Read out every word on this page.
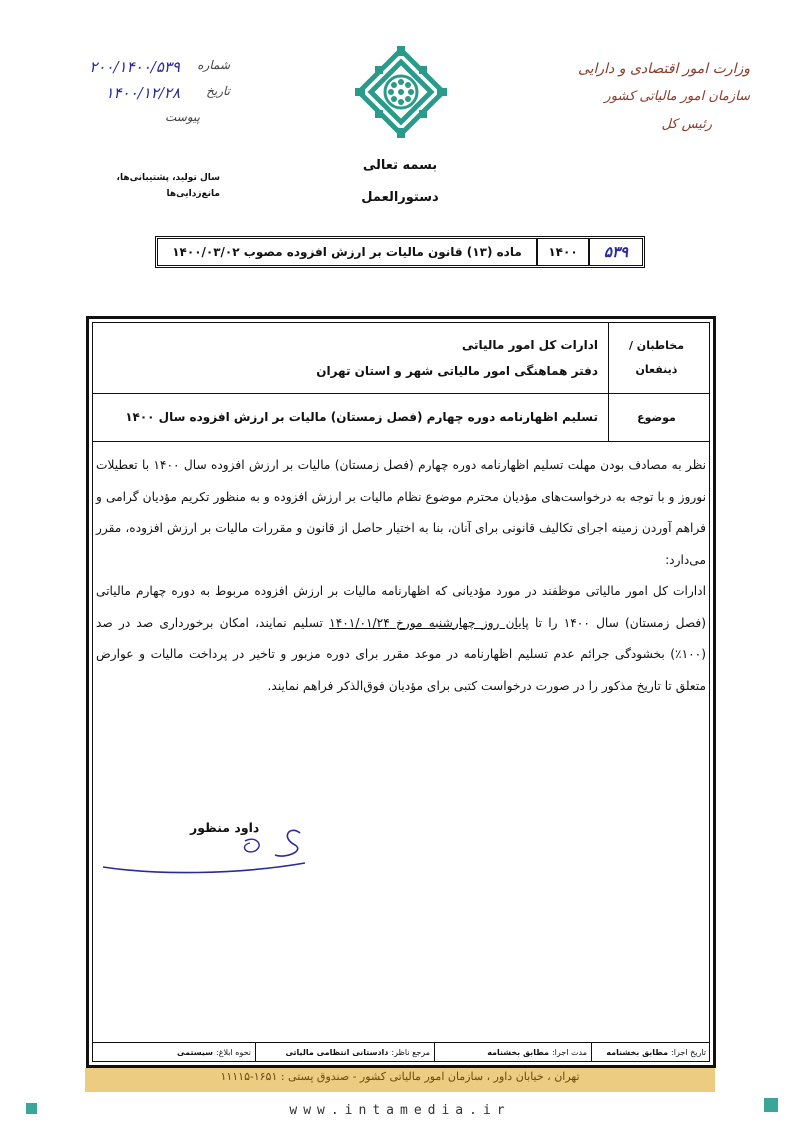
وزارت امور اقتصادی و دارایی
سازمان امور مالیاتی کشور
رئیس کل
بسمه تعالی
دستورالعمل
شماره
۲۰۰/۱۴۰۰/۵۳۹
تاریخ
۱۴۰۰/۱۲/۲۸
پیوست
سال تولید، پشتیبانی‌ها،
مانع‌زدایی‌ها
۵۳۹
۱۴۰۰
ماده (۱۳) قانون مالیات بر ارزش افزوده مصوب ۱۴۰۰/۰۳/۰۲
مخاطبان /
ذینفعان
ادارات کل امور مالیاتی
دفتر هماهنگی امور مالیاتی شهر و استان تهران
موضوع
تسلیم اظهارنامه دوره چهارم (فصل زمستان) مالیات بر ارزش افزوده سال ۱۴۰۰

نظر به مصادف بودن مهلت تسلیم اظهارنامه دوره چهارم (فصل زمستان) مالیات بر ارزش افزوده سال ۱۴۰۰ با تعطیلات نوروز و با توجه به درخواست‌های مؤدیان محترم موضوع نظام مالیات بر ارزش افزوده و به منظور تکریم مؤدیان گرامی و فراهم آوردن زمینه اجرای تکالیف قانونی برای آنان، بنا به اختیار حاصل از قانون و مقررات مالیات بر ارزش افزوده، مقرر می‌دارد:

ادارات کل امور مالیاتی موظفند در مورد مؤدیانی که اظهارنامه مالیات بر ارزش افزوده مربوط به دوره چهارم مالیاتی (فصل زمستان) سال ۱۴۰۰ را تا پایان روز چهارشنبه مورخ ۱۴۰۱/۰۱/۲۴ تسلیم نمایند، امکان برخورداری صد در صد (۱۰۰٪) بخشودگی جرائم عدم تسلیم اظهارنامه در موعد مقرر برای دوره مزبور و تاخیر در پرداخت مالیات و عوارض متعلق تا تاریخ مذکور را در صورت درخواست کتبی برای مؤدیان فوق‌الذکر فراهم نمایند.

داود منظور
تاریخ اجرا:
مطابق بخشنامه
مدت اجرا:
مطابق بخشنامه
مرجع ناظر:
دادستانی انتظامی مالیاتی
نحوه ابلاغ:
سیستمی
تهران ، خیابان داور ، سازمان امور مالیاتی کشور - صندوق پستی : ۱۶۵۱-۱۱۱۱۵
www.intamedia.ir
